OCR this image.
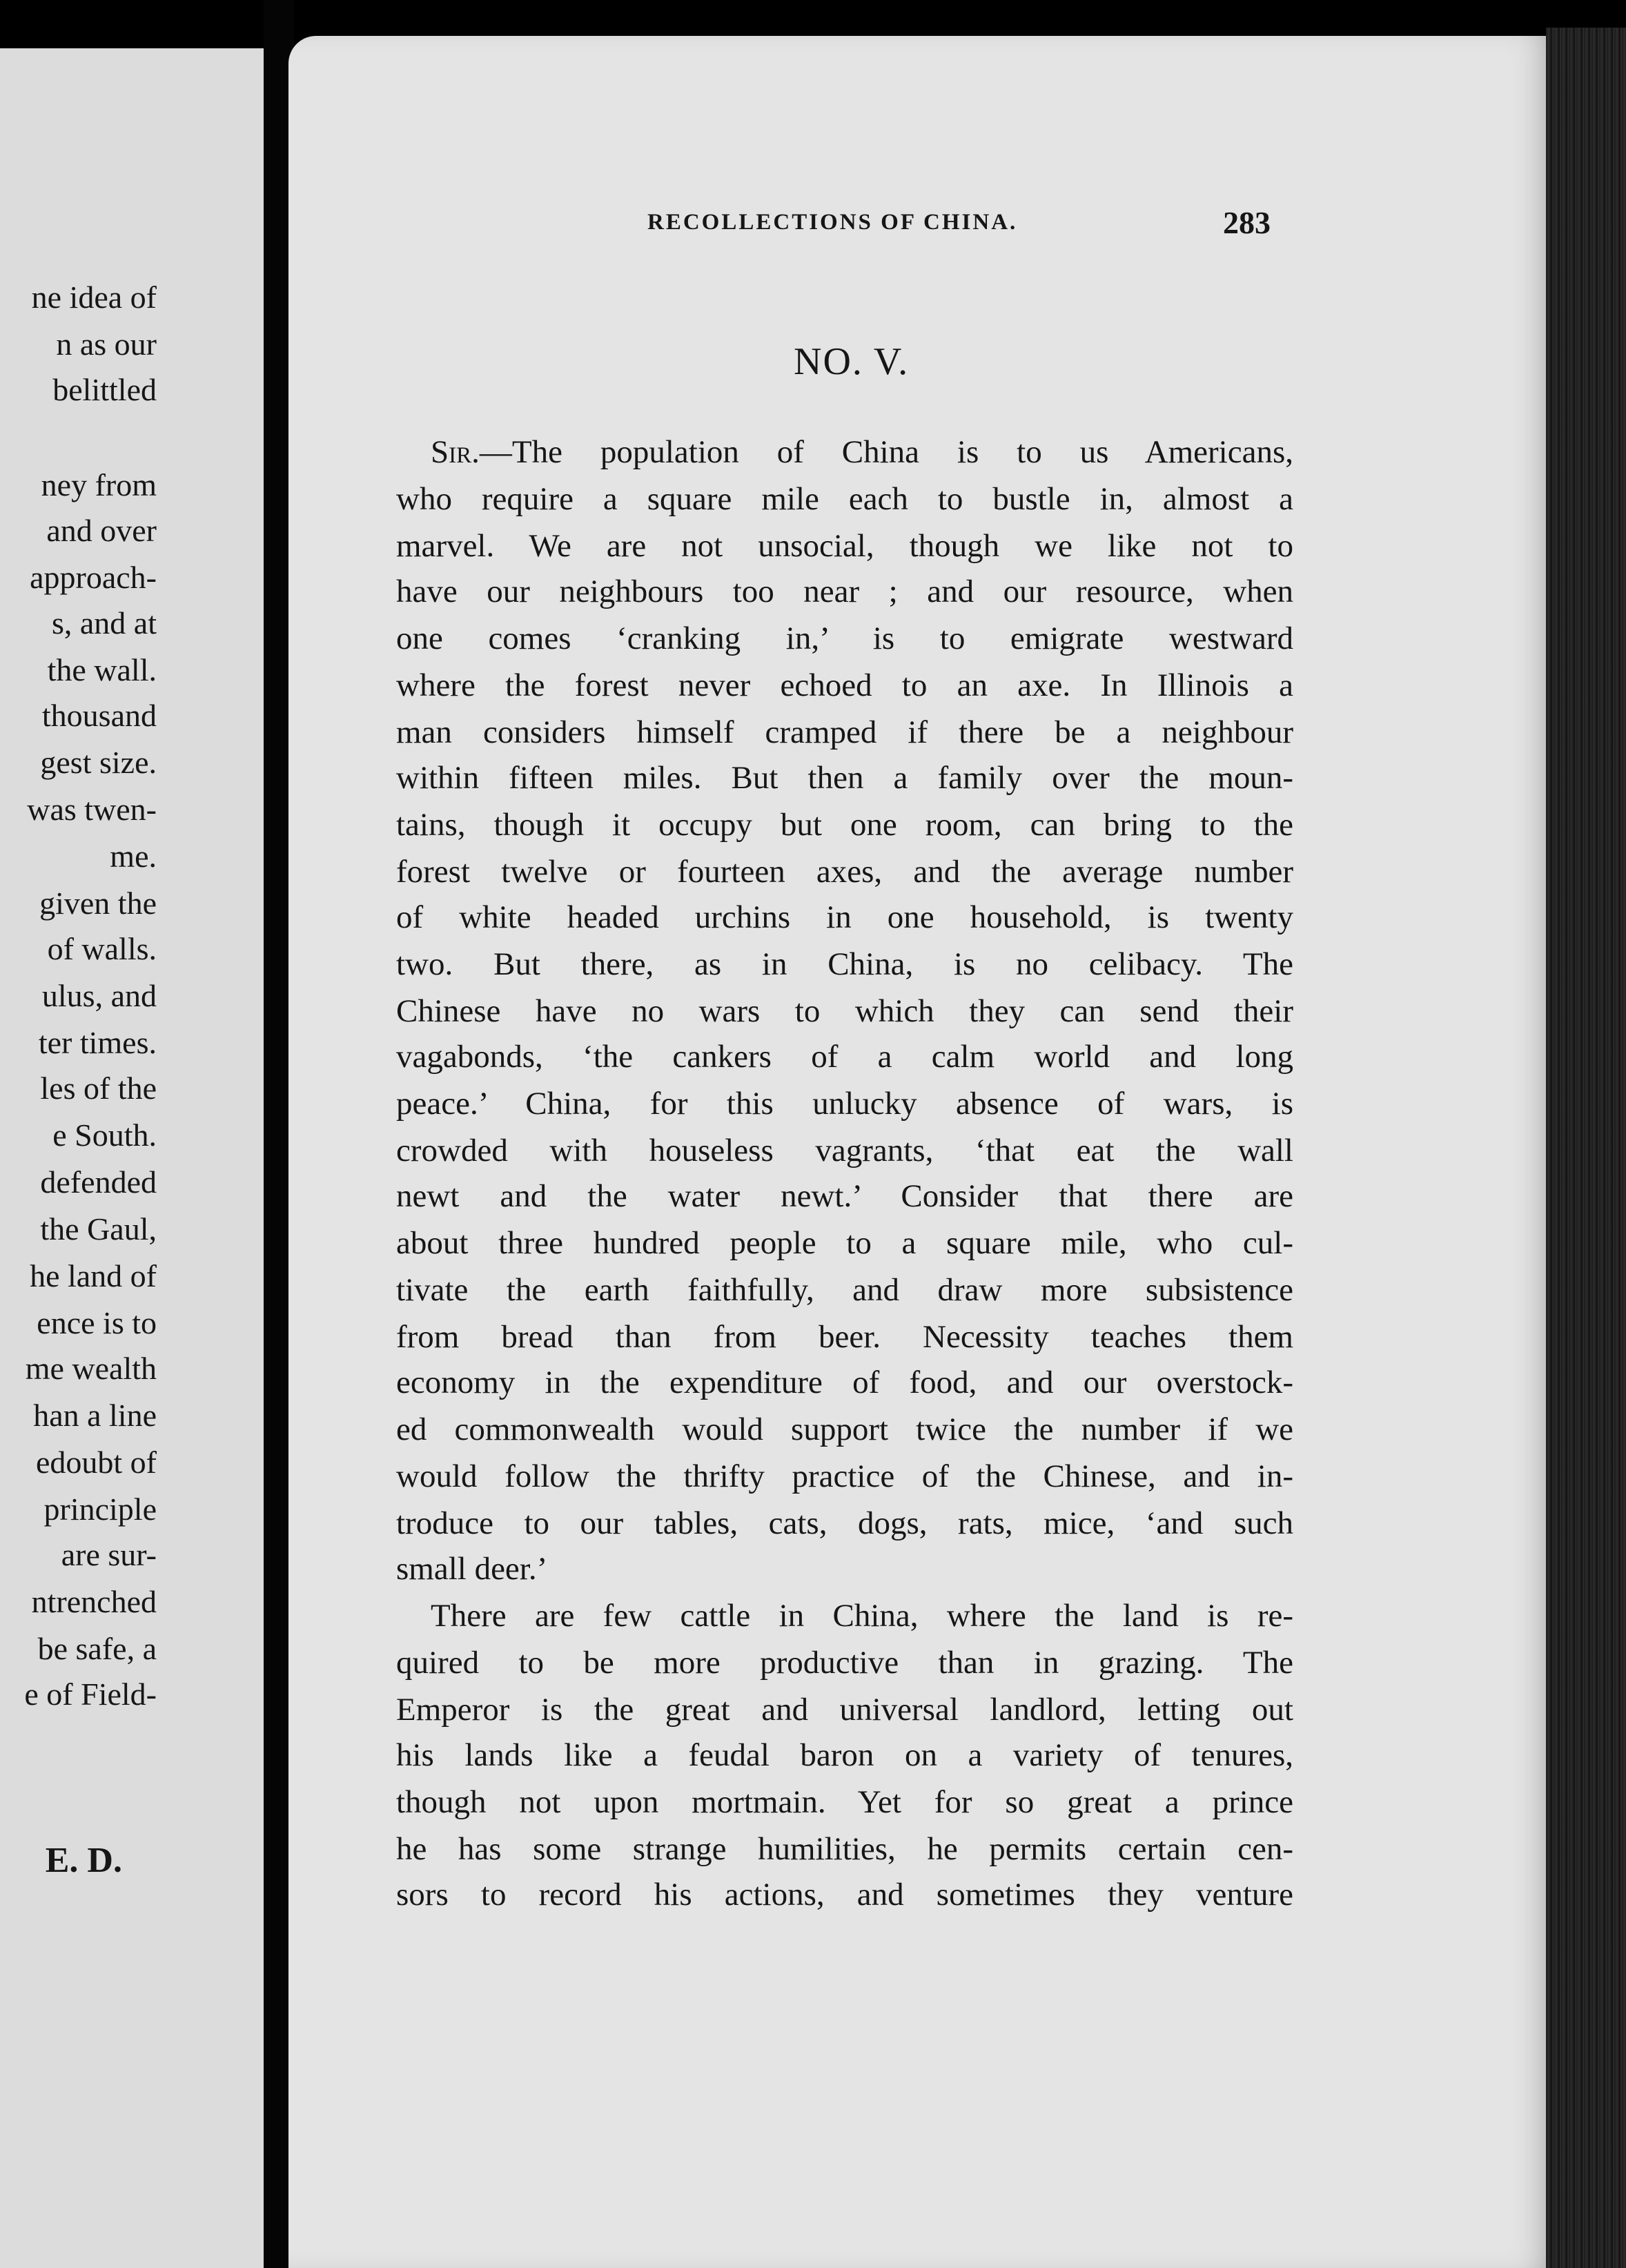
ne idea of
n as our
belittled
ney from
and over
approach-
s, and at
the wall.
thousand
gest size.
was twen-
me.
given the
of walls.
ulus, and
ter times.
les of the
e South.
defended
the Gaul,
he land of
ence is to
me wealth
han a line
edoubt of
principle
are sur-
ntrenched
be safe, a
e of Field-
E. D.
RECOLLECTIONS OF CHINA.	283
NO. V.
Sir.—The population of China is to us Americans,
who require a square mile each to bustle in, almost a
marvel. We are not unsocial, though we like not to
have our neighbours too near ; and our resource, when
one comes ‘cranking in,’ is to emigrate westward
where the forest never echoed to an axe. In Illinois a
man considers himself cramped if there be a neighbour
within fifteen miles. But then a family over the moun-
tains, though it occupy but one room, can bring to the
forest twelve or fourteen axes, and the average number
of white headed urchins in one household, is twenty
two. But there, as in China, is no celibacy. The
Chinese have no wars to which they can send their
vagabonds, ‘the cankers of a calm world and long
peace.’ China, for this unlucky absence of wars, is
crowded with houseless vagrants, ‘that eat the wall
newt and the water newt.’ Consider that there are
about three hundred people to a square mile, who cul-
tivate the earth faithfully, and draw more subsistence
from bread than from beer. Necessity teaches them
economy in the expenditure of food, and our overstock-
ed commonwealth would support twice the number if we
would follow the thrifty practice of the Chinese, and in-
troduce to our tables, cats, dogs, rats, mice, ‘and such
small deer.’
There are few cattle in China, where the land is re-
quired to be more productive than in grazing. The
Emperor is the great and universal landlord, letting out
his lands like a feudal baron on a variety of tenures,
though not upon mortmain. Yet for so great a prince
he has some strange humilities, he permits certain cen-
sors to record his actions, and sometimes they venture
